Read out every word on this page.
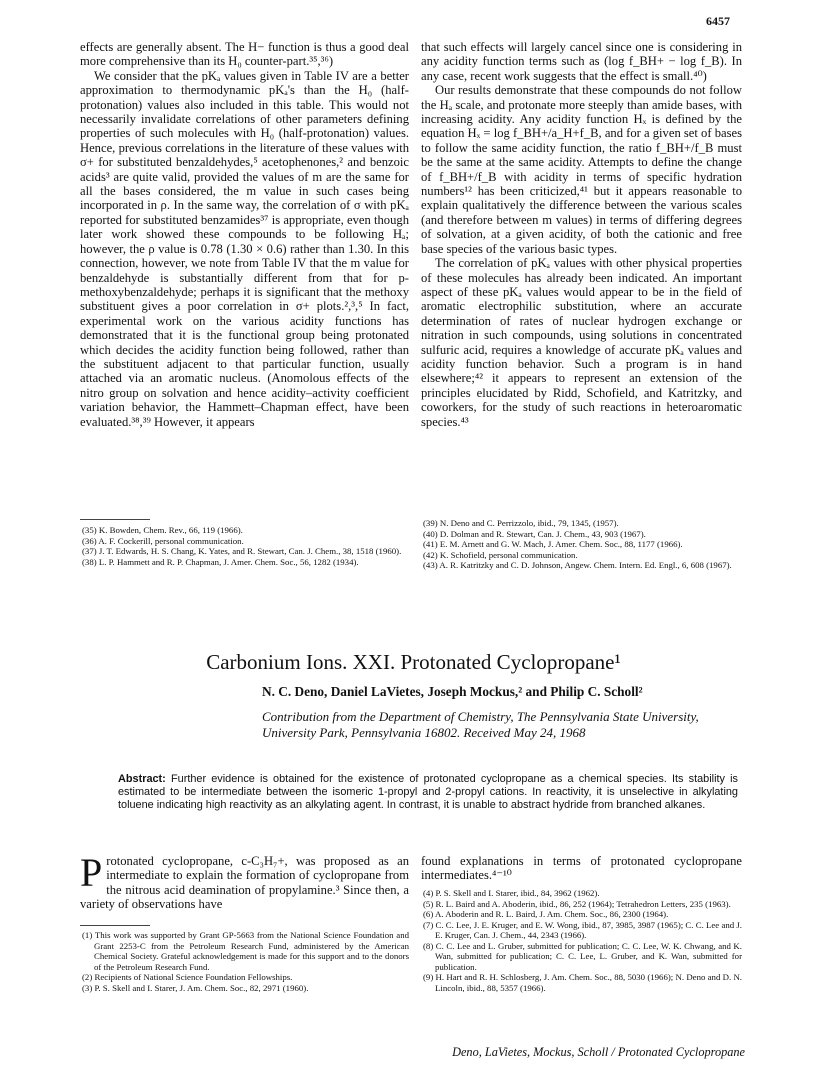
6457

effects are generally absent. The H− function is thus a good deal more comprehensive than its H₀ counter-part.³⁵,³⁶)

We consider that the pKₐ values given in Table IV are a better approximation to thermodynamic pKₐ's than the H₀ (half-protonation) values also included in this table. This would not necessarily invalidate correlations of other parameters defining properties of such molecules with H₀ (half-protonation) values. Hence, previous correlations in the literature of these values with σ+ for substituted benzaldehydes,⁵ acetophenones,² and benzoic acids³ are quite valid, provided the values of m are the same for all the bases considered, the m value in such cases being incorporated in ρ. In the same way, the correlation of σ with pKₐ reported for substituted benzamides³⁷ is appropriate, even though later work showed these compounds to be following Hₐ; however, the ρ value is 0.78 (1.30 × 0.6) rather than 1.30. In this connection, however, we note from Table IV that the m value for benzaldehyde is substantially different from that for p-methoxybenzaldehyde; perhaps it is significant that the methoxy substituent gives a poor correlation in σ+ plots.²,³,⁵ In fact, experimental work on the various acidity functions has demonstrated that it is the functional group being protonated which decides the acidity function being followed, rather than the substituent adjacent to that particular function, usually attached via an aromatic nucleus. (Anomolous effects of the nitro group on solvation and hence acidity–activity coefficient variation behavior, the Hammett–Chapman effect, have been evaluated.³⁸,³⁹ However, it appears

that such effects will largely cancel since one is considering in any acidity function terms such as (log f_BH+ − log f_B). In any case, recent work suggests that the effect is small.⁴⁰)

Our results demonstrate that these compounds do not follow the Hₐ scale, and protonate more steeply than amide bases, with increasing acidity. Any acidity function Hₓ is defined by the equation Hₓ = log f_BH+/a_H+f_B, and for a given set of bases to follow the same acidity function, the ratio f_BH+/f_B must be the same at the same acidity. Attempts to define the change of f_BH+/f_B with acidity in terms of specific hydration numbers¹² has been criticized,⁴¹ but it appears reasonable to explain qualitatively the difference between the various scales (and therefore between m values) in terms of differing degrees of solvation, at a given acidity, of both the cationic and free base species of the various basic types.

The correlation of pKₐ values with other physical properties of these molecules has already been indicated. An important aspect of these pKₐ values would appear to be in the field of aromatic electrophilic substitution, where an accurate determination of rates of nuclear hydrogen exchange or nitration in such compounds, using solutions in concentrated sulfuric acid, requires a knowledge of accurate pKₐ values and acidity function behavior. Such a program is in hand elsewhere;⁴² it appears to represent an extension of the principles elucidated by Ridd, Schofield, and Katritzky, and coworkers, for the study of such reactions in heteroaromatic species.⁴³

(35) K. Bowden, Chem. Rev., 66, 119 (1966).
(36) A. F. Cockerill, personal communication.
(37) J. T. Edwards, H. S. Chang, K. Yates, and R. Stewart, Can. J. Chem., 38, 1518 (1960).
(38) L. P. Hammett and R. P. Chapman, J. Amer. Chem. Soc., 56, 1282 (1934).
(39) N. Deno and C. Perrizzolo, ibid., 79, 1345, (1957).
(40) D. Dolman and R. Stewart, Can. J. Chem., 43, 903 (1967).
(41) E. M. Arnett and G. W. Mach, J. Amer. Chem. Soc., 88, 1177 (1966).
(42) K. Schofield, personal communication.
(43) A. R. Katritzky and C. D. Johnson, Angew. Chem. Intern. Ed. Engl., 6, 608 (1967).
Carbonium Ions. XXI. Protonated Cyclopropane¹
N. C. Deno, Daniel LaVietes, Joseph Mockus,² and Philip C. Scholl²
Contribution from the Department of Chemistry, The Pennsylvania State University, University Park, Pennsylvania 16802. Received May 24, 1968
Abstract: Further evidence is obtained for the existence of protonated cyclopropane as a chemical species. Its stability is estimated to be intermediate between the isomeric 1-propyl and 2-propyl cations. In reactivity, it is unselective in alkylating toluene indicating high reactivity as an alkylating agent. In contrast, it is unable to abstract hydride from branched alkanes.
Protonated cyclopropane, c-C₃H₇+, was proposed as an intermediate to explain the formation of cyclopropane from the nitrous acid deamination of propylamine.³ Since then, a variety of observations have

found explanations in terms of protonated cyclopropane intermediates.⁴⁻¹⁰

(1) This work was supported by Grant GP-5663 from the National Science Foundation and Grant 2253-C from the Petroleum Research Fund, administered by the American Chemical Society. Grateful acknowledgement is made for this support and to the donors of the Petroleum Research Fund.
(2) Recipients of National Science Foundation Fellowships.
(3) P. S. Skell and I. Starer, J. Am. Chem. Soc., 82, 2971 (1960).
(4) P. S. Skell and I. Starer, ibid., 84, 3962 (1962).
(5) R. L. Baird and A. Aboderin, ibid., 86, 252 (1964); Tetrahedron Letters, 235 (1963).
(6) A. Aboderin and R. L. Baird, J. Am. Chem. Soc., 86, 2300 (1964).
(7) C. C. Lee, J. E. Kruger, and E. W. Wong, ibid., 87, 3985, 3987 (1965); C. C. Lee and J. E. Kruger, Can. J. Chem., 44, 2343 (1966).
(8) C. C. Lee and L. Gruber, submitted for publication; C. C. Lee, W. K. Chwang, and K. Wan, submitted for publication; C. C. Lee, L. Gruber, and K. Wan, submitted for publication.
(9) H. Hart and R. H. Schlosberg, J. Am. Chem. Soc., 88, 5030 (1966); N. Deno and D. N. Lincoln, ibid., 88, 5357 (1966).
Deno, LaVietes, Mockus, Scholl / Protonated Cyclopropane
